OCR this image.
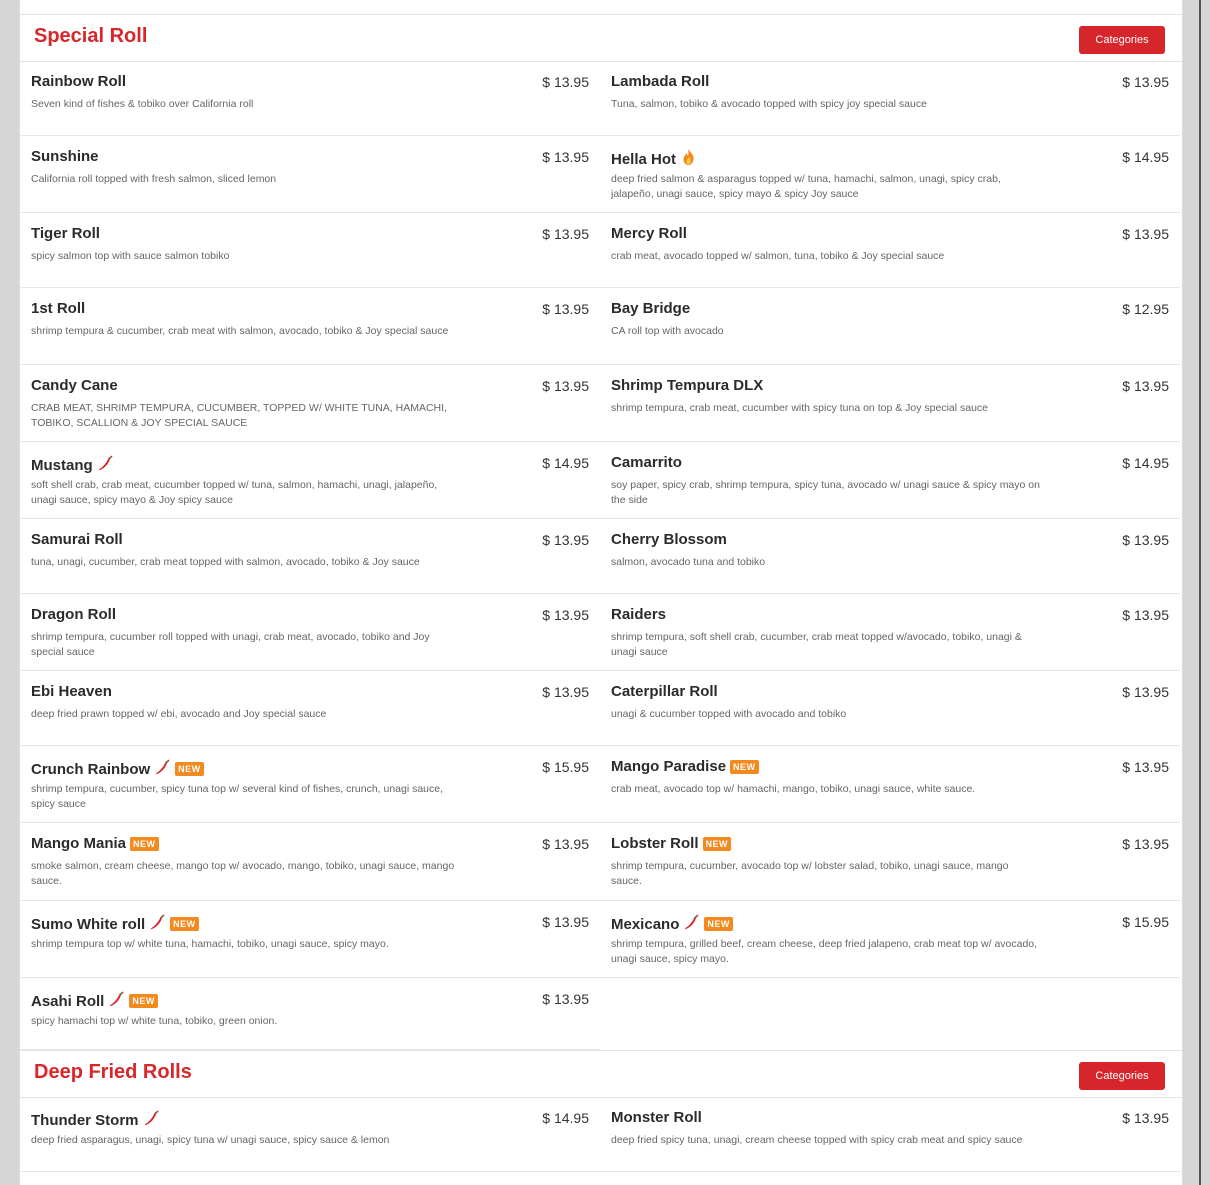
Special Roll	Categories
Rainbow Roll	$ 13.95
Seven kind of fishes & tobiko over California roll
Lambada Roll	$ 13.95
Tuna, salmon, tobiko & avocado topped with spicy joy special sauce
Sunshine	$ 13.95
California roll topped with fresh salmon, sliced lemon
Hella Hot	$ 14.95
deep fried salmon & asparagus topped w/ tuna, hamachi, salmon, unagi, spicy crab, jalapeño, unagi sauce, spicy mayo & spicy Joy sauce
Tiger Roll	$ 13.95
spicy salmon top with sauce salmon tobiko
Mercy Roll	$ 13.95
crab meat, avocado topped w/ salmon, tuna, tobiko & Joy special sauce
1st Roll	$ 13.95
shrimp tempura & cucumber, crab meat with salmon, avocado, tobiko & Joy special sauce
Bay Bridge	$ 12.95
CA roll top with avocado
Candy Cane	$ 13.95
CRAB MEAT, SHRIMP TEMPURA, CUCUMBER, TOPPED W/ WHITE TUNA, HAMACHI, TOBIKO, SCALLION & JOY SPECIAL SAUCE
Shrimp Tempura DLX	$ 13.95
shrimp tempura, crab meat, cucumber with spicy tuna on top & Joy special sauce
Mustang	$ 14.95
soft shell crab, crab meat, cucumber topped w/ tuna, salmon, hamachi, unagi, jalapeño, unagi sauce, spicy mayo & Joy spicy sauce
Camarrito	$ 14.95
soy paper, spicy crab, shrimp tempura, spicy tuna, avocado w/ unagi sauce & spicy mayo on the side
Samurai Roll	$ 13.95
tuna, unagi, cucumber, crab meat topped with salmon, avocado, tobiko & Joy sauce
Cherry Blossom	$ 13.95
salmon, avocado tuna and tobiko
Dragon Roll	$ 13.95
shrimp tempura, cucumber roll topped with unagi, crab meat, avocado, tobiko and Joy special sauce
Raiders	$ 13.95
shrimp tempura, soft shell crab, cucumber, crab meat topped w/avocado, tobiko, unagi & unagi sauce
Ebi Heaven	$ 13.95
deep fried prawn topped w/ ebi, avocado and Joy special sauce
Caterpillar Roll	$ 13.95
unagi & cucumber topped with avocado and tobiko
Crunch Rainbow	NEW	$ 15.95
shrimp tempura, cucumber, spicy tuna top w/ several kind of fishes, crunch, unagi sauce, spicy sauce
Mango Paradise NEW	$ 13.95
crab meat, avocado top w/ hamachi, mango, tobiko, unagi sauce, white sauce.
Mango Mania NEW	$ 13.95
smoke salmon, cream cheese, mango top w/ avocado, mango, tobiko, unagi sauce, mango sauce.
Lobster Roll NEW	$ 13.95
shrimp tempura, cucumber, avocado top w/ lobster salad, tobiko, unagi sauce, mango sauce.
Sumo White roll	NEW	$ 13.95
shrimp tempura top w/ white tuna, hamachi, tobiko, unagi sauce, spicy mayo.
Mexicano	NEW	$ 15.95
shrimp tempura, grilled beef, cream cheese, deep fried jalapeno, crab meat top w/ avocado, unagi sauce, spicy mayo.
Asahi Roll	NEW	$ 13.95
spicy hamachi top w/ white tuna, tobiko, green onion.
Deep Fried Rolls	Categories
Thunder Storm	$ 14.95
deep fried asparagus, unagi, spicy tuna w/ unagi sauce, spicy sauce & lemon
Monster Roll	$ 13.95
deep fried spicy tuna, unagi, cream cheese topped with spicy crab meat and spicy sauce
